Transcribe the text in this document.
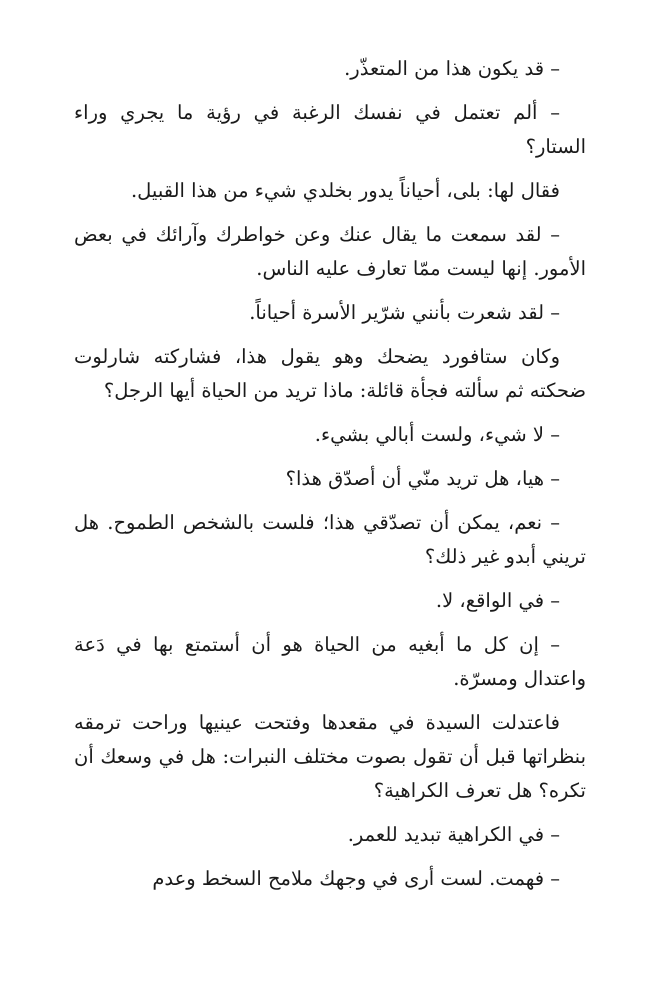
– قد يكون هذا من المتعذّر.

– ألم تعتمل في نفسك الرغبة في رؤية ما يجري وراء الستار؟

فقال لها: بلى، أحياناً يدور بخلدي شيء من هذا القبيل.

– لقد سمعت ما يقال عنك وعن خواطرك وآرائك في بعض الأمور. إنها ليست ممّا تعارف عليه الناس.

– لقد شعرت بأنني شرّير الأسرة أحياناً.

وكان ستافورد يضحك وهو يقول هذا، فشاركته شارلوت ضحكته ثم سألته فجأة قائلة: ماذا تريد من الحياة أيها الرجل؟

– لا شيء، ولست أبالي بشيء.

– هيا، هل تريد منّي أن أصدّق هذا؟

– نعم، يمكن أن تصدّقي هذا؛ فلست بالشخص الطموح. هل تريني أبدو غير ذلك؟

– في الواقع، لا.

– إن كل ما أبغيه من الحياة هو أن أستمتع بها في دَعة واعتدال ومسرّة.

فاعتدلت السيدة في مقعدها وفتحت عينيها وراحت ترمقه بنظراتها قبل أن تقول بصوت مختلف النبرات: هل في وسعك أن تكره؟ هل تعرف الكراهية؟

– في الكراهية تبديد للعمر.

– فهمت. لست أرى في وجهك ملامح السخط وعدم
